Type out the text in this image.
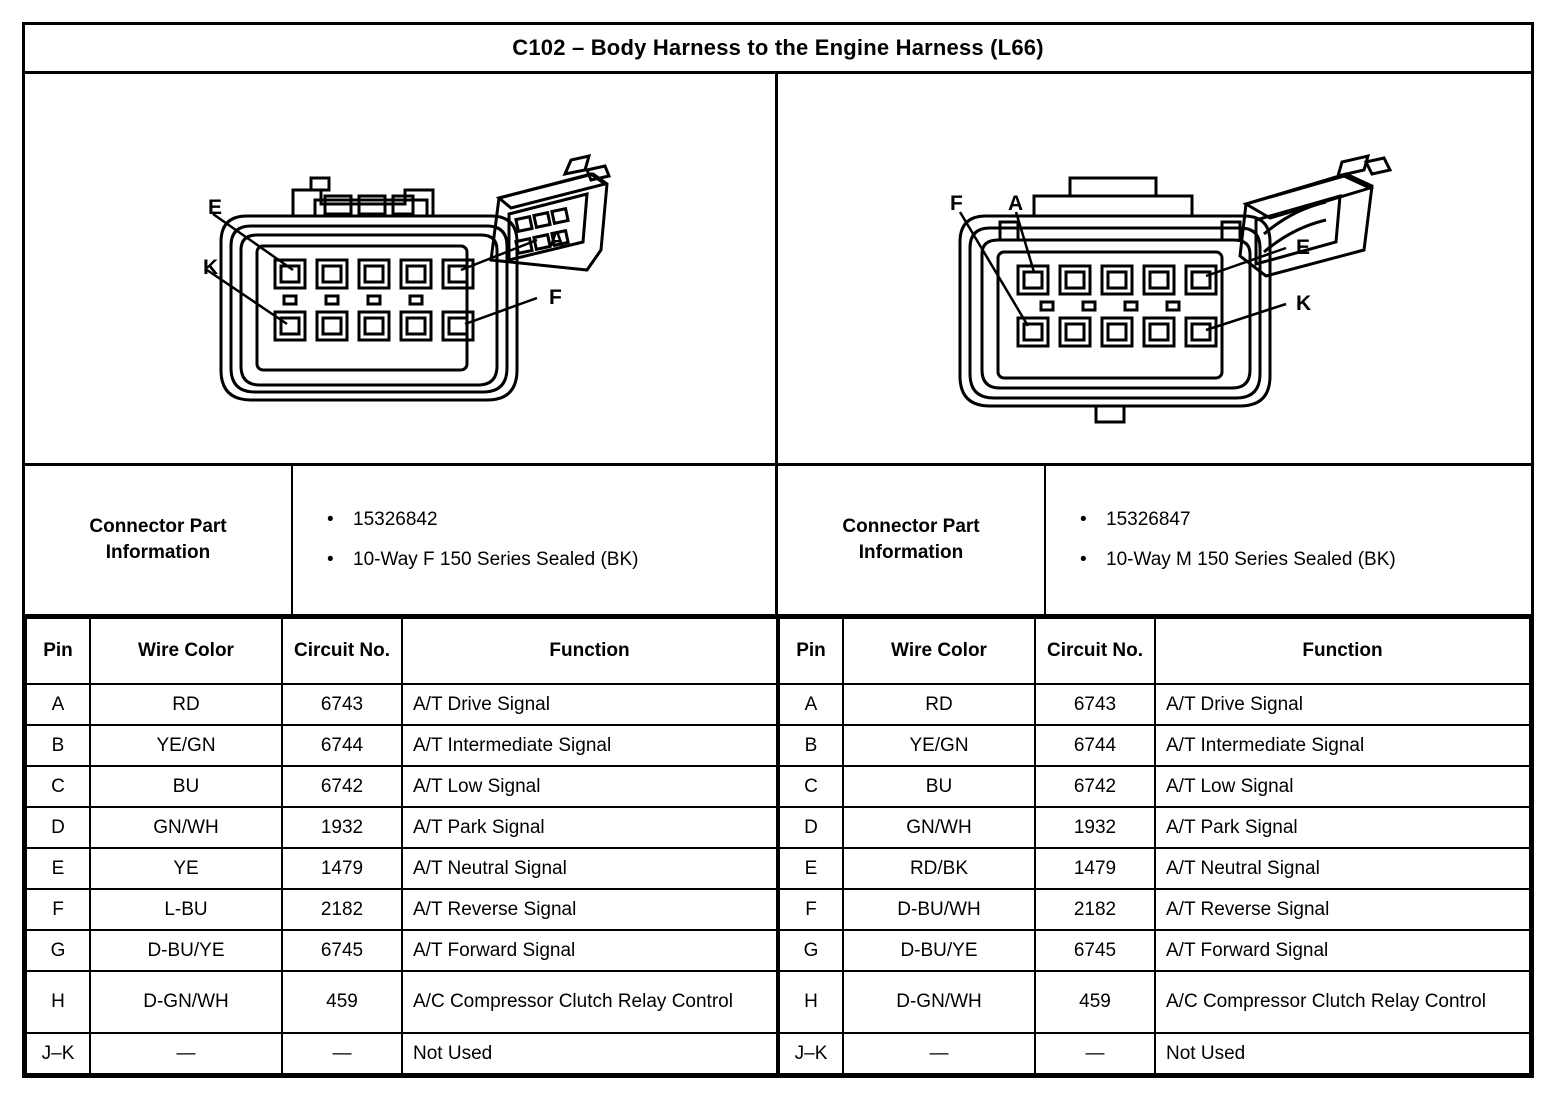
C102 – Body Harness to the Engine Harness (L66)
E
K
A
F
F A
E
K
Connector Part Information
•	15326842
•	10-Way F 150 Series Sealed (BK)
Connector Part Information
•	15326847
•	10-Way M 150 Series Sealed (BK)
Pin	Wire Color	Circuit No.	Function
A	RD	6743	A/T Drive Signal
B	YE/GN	6744	A/T Intermediate Signal
C	BU	6742	A/T Low Signal
D	GN/WH	1932	A/T Park Signal
E	YE	1479	A/T Neutral Signal
F	L-BU	2182	A/T Reverse Signal
G	D-BU/YE	6745	A/T Forward Signal
H	D-GN/WH	459	A/C Compressor Clutch Relay Control
J–K	—	—	Not Used
Pin	Wire Color	Circuit No.	Function
A	RD	6743	A/T Drive Signal
B	YE/GN	6744	A/T Intermediate Signal
C	BU	6742	A/T Low Signal
D	GN/WH	1932	A/T Park Signal
E	RD/BK	1479	A/T Neutral Signal
F	D-BU/WH	2182	A/T Reverse Signal
G	D-BU/YE	6745	A/T Forward Signal
H	D-GN/WH	459	A/C Compressor Clutch Relay Control
J–K	—	—	Not Used
